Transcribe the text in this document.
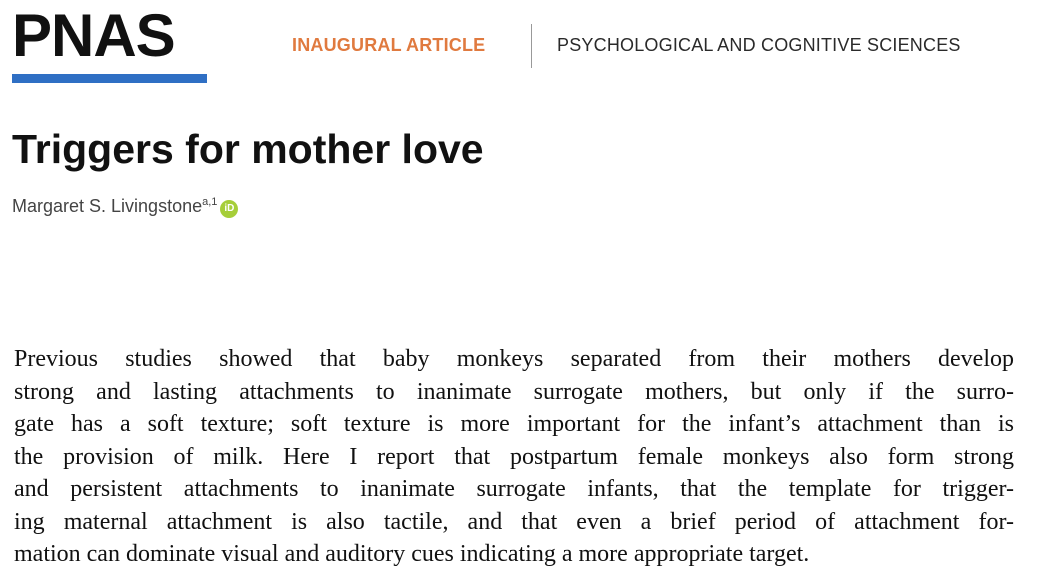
PNAS	INAUGURAL ARTICLE	PSYCHOLOGICAL AND COGNITIVE SCIENCES
Triggers for mother love
Margaret S. Livingstone$^{a,1}$iD
Previous studies showed that baby monkeys separated from their mothers develop
strong and lasting attachments to inanimate surrogate mothers, but only if the surro-
gate has a soft texture; soft texture is more important for the infant’s attachment than is
the provision of milk. Here I report that postpartum female monkeys also form strong
and persistent attachments to inanimate surrogate infants, that the template for trigger-
ing maternal attachment is also tactile, and that even a brief period of attachment for-
mation can dominate visual and auditory cues indicating a more appropriate target.
